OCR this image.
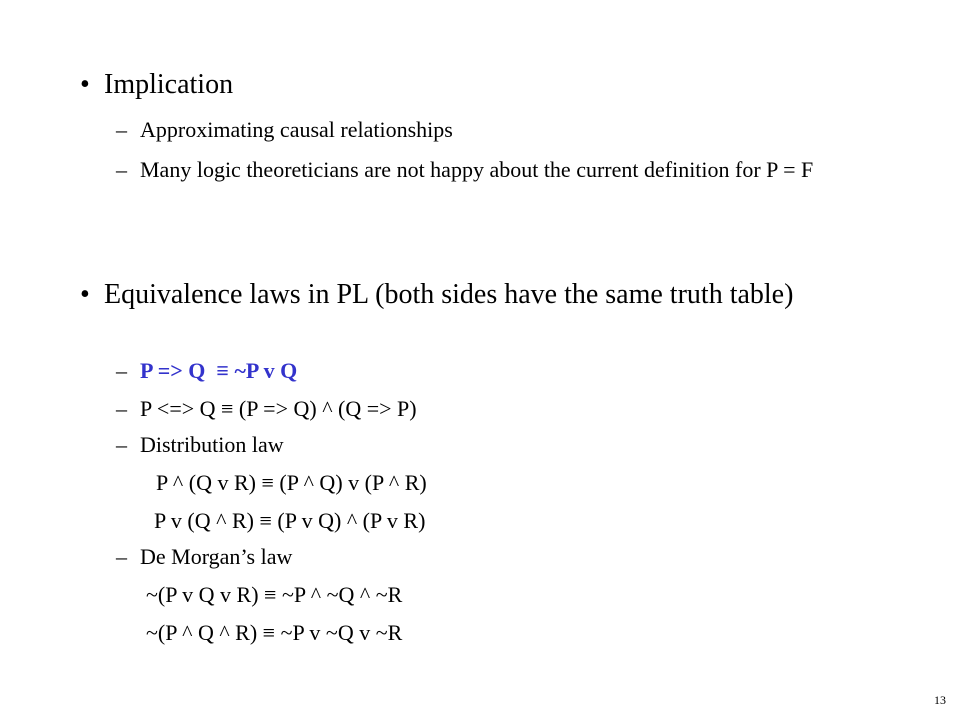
• Implication
– Approximating causal relationships
– Many logic theoreticians are not happy about the current definition for P = F
• Equivalence laws in PL (both sides have the same truth table)
– P => Q  ≡ ~P v Q
– P <=> Q ≡ (P => Q) ^ (Q => P)
– Distribution law
P ^ (Q v R) ≡ (P ^ Q) v (P ^ R)
P v (Q ^ R) ≡ (P v Q) ^ (P v R)
– De Morgan’s law
~(P v Q v R) ≡ ~P ^ ~Q ^ ~R
~(P ^ Q ^ R) ≡ ~P v ~Q v ~R
13
